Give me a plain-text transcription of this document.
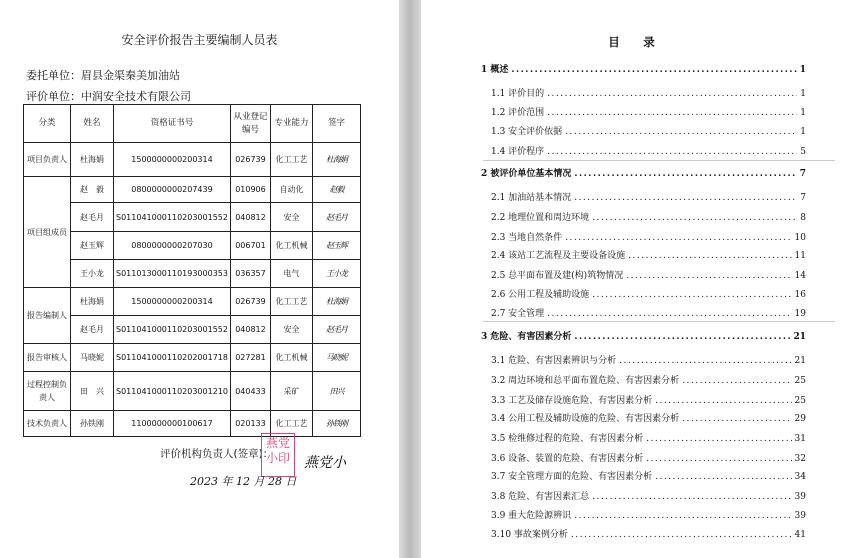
安全评价报告主要编制人员表
委托单位：眉县金渠秦美加油站
评价单位：中润安全技术有限公司
分类	姓名	资格证书号	从业登记编号	专业能力	签字
项目负责人	杜海娟	1500000000200314	026739	化工工艺	杜海娟
项目组成员	赵　毅	0800000000207439	010906	自动化	赵毅
	赵毛月	S011041000110203001552	040812	安全	赵毛月
	赵玉辉	0800000000207030	006701	化工机械	赵玉辉
	王小龙	S011013000110193000353	036357	电气	王小龙
报告编制人	杜海娟	1500000000200314	026739	化工工艺	杜海娟
	赵毛月	S011041000110203001552	040812	安全	赵毛月
报告审核人	马晓妮	S011041000110202001718	027281	化工机械	马晓妮
过程控制负责人	田　兴	S011041000110203001210	040433	采矿	田兴
技术负责人	孙铁刚	1100000000100617	020133	化工工艺	孙铁刚
评价机构负责人(签章)：
燕党小印	燕党小
2023 年 12 月 28 日
目　录
1 概述 .....	1
1.1 评价目的 .....	1
1.2 评价范围 .....	1
1.3 安全评价依据 .....	1
1.4 评价程序 .....	5
2 被评价单位基本情况 .....	7
2.1 加油站基本情况 .....	7
2.2 地理位置和周边环境 .....	8
2.3 当地自然条件 .....	10
2.4 该站工艺流程及主要设备设施 .....	11
2.5 总平面布置及建(构)筑物情况 .....	14
2.6 公用工程及辅助设施 .....	16
2.7 安全管理 .....	19
3 危险、有害因素分析 .....	21
3.1 危险、有害因素辨识与分析 .....	21
3.2 周边环境和总平面布置危险、有害因素分析 .....	25
3.3 工艺及储存设施危险、有害因素分析 .....	25
3.4 公用工程及辅助设施的危险、有害因素分析 .....	29
3.5 检维修过程的危险、有害因素分析 .....	31
3.6 设备、装置的危险、有害因素分析 .....	32
3.7 安全管理方面的危险、有害因素分析 .....	34
3.8 危险、有害因素汇总 .....	39
3.9 重大危险源辨识 .....	39
3.10 事故案例分析 .....	41
